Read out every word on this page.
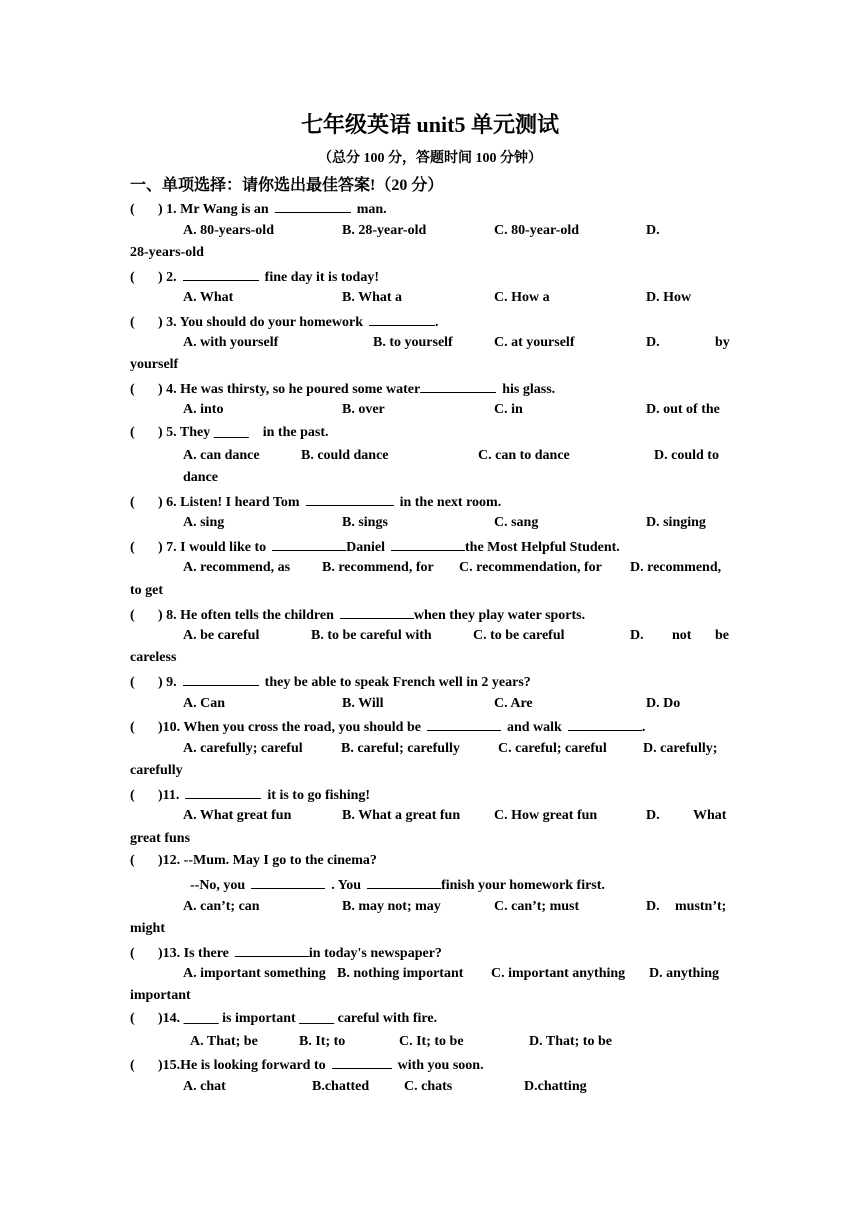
七年级英语 unit5 单元测试
（总分 100 分，答题时间 100 分钟）
一、单项选择：请你选出最佳答案!（20 分）
( ) 1. Mr Wang is an	man.
A. 80-years-old	B. 28-year-old	C. 80-year-old	D.
28-years-old
( ) 2.	fine day it is today!
A. What	B. What a	C. How a	D. How
( ) 3. You should do your homework	.
A. with yourself	B. to yourself	C. at yourself	D.	by
yourself
( ) 4. He was thirsty, so he poured some water	his glass.
A. into	B. over	C. in	D. out of the
( ) 5. They _____ in the past.
A. can dance	B. could dance	C. can to dance	D. could to
dance
( ) 6. Listen! I heard Tom	in the next room.
A. sing	B. sings	C. sang	D. singing
( ) 7. I would like to	Daniel	the Most Helpful Student.
A. recommend, as B. recommend, for C. recommendation, for D. recommend,
to get
( ) 8. He often tells the children	when they play water sports.
A. be careful	B. to be careful with	C. to be careful	D. not be
careless
( ) 9.	they be able to speak French well in 2 years?
A. Can	B. Will	C. Are	D. Do
( )10. When you cross the road, you should be	and walk	.
A. carefully; careful	B. careful; carefully	C. careful; careful	D. carefully;
carefully
( )11.	it is to go fishing!
A. What great fun	B. What a great fun C. How great fun	D. What
great funs
( )12. --Mum. May I go to the cinema?
--No, you	. You	finish your homework first.
A. can’t; can	B. may not; may	C. can’t; must	D. mustn’t;
might
( )13. Is there	in today's newspaper?
A. important something B. nothing important C. important anything D. anything
important
( )14. _____ is important _____ careful with fire.
A. That; be	B. It; to	C. It; to be	D. That; to be
( )15.He is looking forward to	with you soon.
A. chat	B.chatted C. chats	D.chatting
